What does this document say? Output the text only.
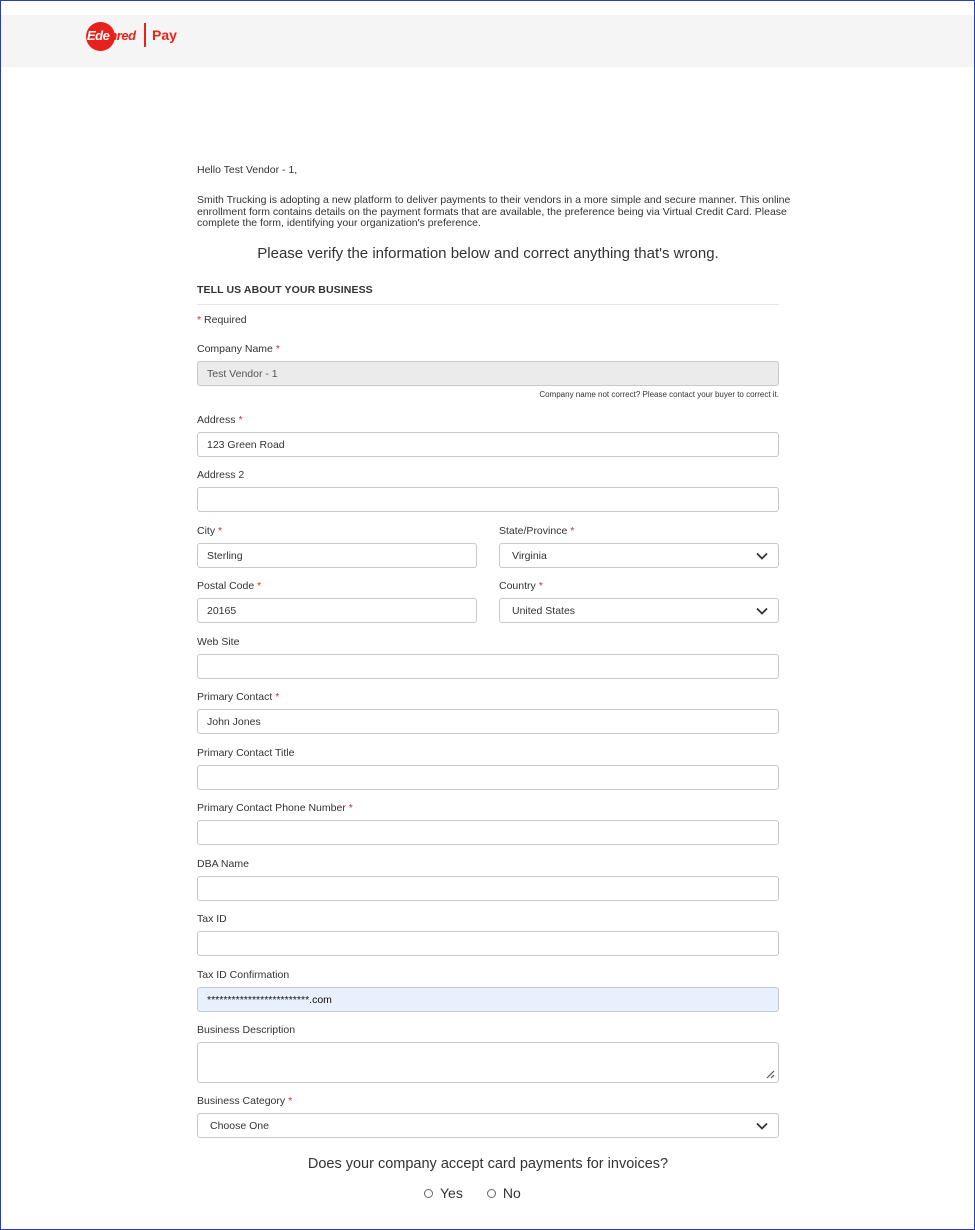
Edenred Pay
Hello Test Vendor - 1,
Smith Trucking is adopting a new platform to deliver payments to their vendors in a more simple and secure manner. This online enrollment form contains details on the payment formats that are available, the preference being via Virtual Credit Card. Please complete the form, identifying your organization's preference.
Please verify the information below and correct anything that's wrong.
TELL US ABOUT YOUR BUSINESS
* Required
Company Name *
Test Vendor - 1
Company name not correct? Please contact your buyer to correct it.
Address *
123 Green Road
Address 2
City *
Sterling
State/Province *
Virginia
Postal Code *
20165
Country *
United States
Web Site
Primary Contact *
John Jones
Primary Contact Title
Primary Contact Phone Number *
DBA Name
Tax ID
Tax ID Confirmation
*************************.com
Business Description
Business Category *
Choose One
Does your company accept card payments for invoices?
Yes	No
